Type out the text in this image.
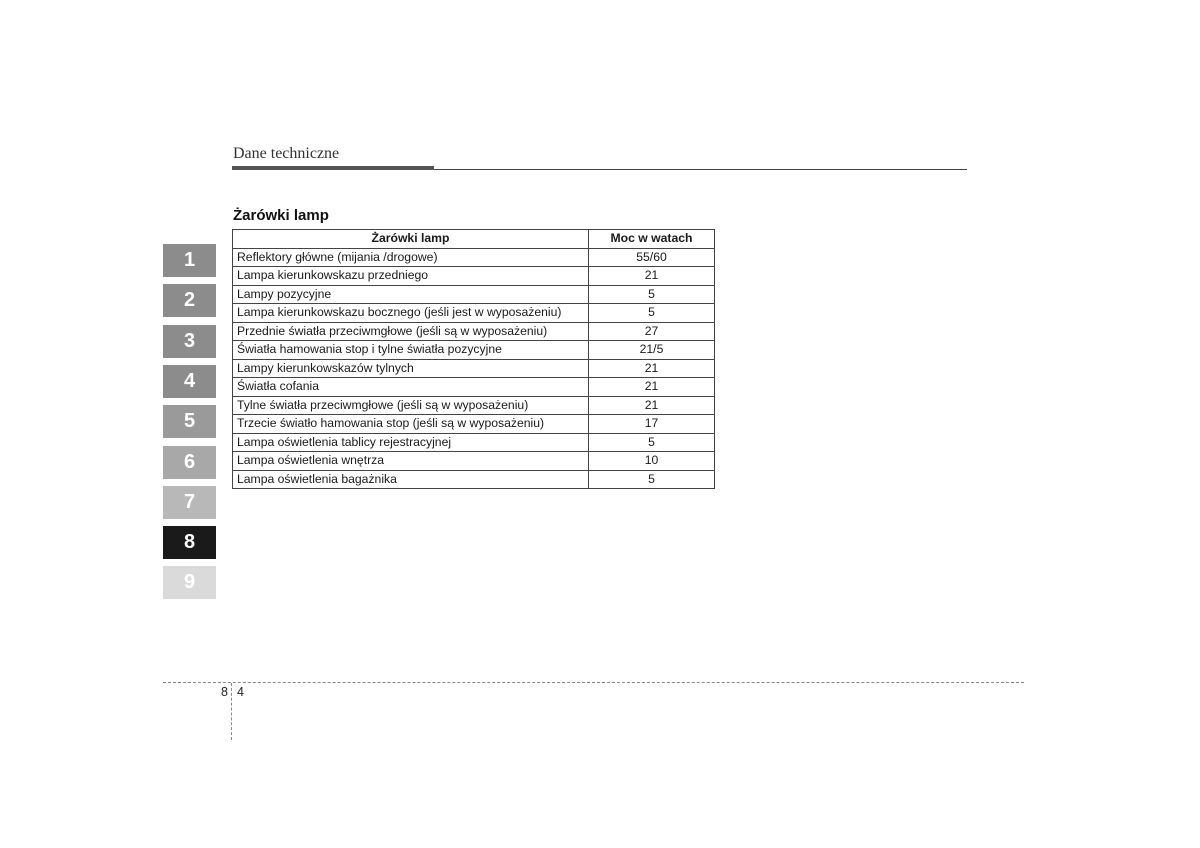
Dane techniczne
Żarówki lamp
Żarówki lamp	Moc w watach
Reflektory główne (mijania /drogowe)	55/60
Lampa kierunkowskazu przedniego	21
Lampy pozycyjne	5
Lampa kierunkowskazu bocznego (jeśli jest w wyposażeniu)	5
Przednie światła przeciwmgłowe (jeśli są w wyposażeniu)	27
Światła hamowania stop i tylne światła pozycyjne	21/5
Lampy kierunkowskazów tylnych	21
Światła cofania	21
Tylne światła przeciwmgłowe (jeśli są w wyposażeniu)	21
Trzecie światło hamowania stop (jeśli są w wyposażeniu)	17
Lampa oświetlenia tablicy rejestracyjnej	5
Lampa oświetlenia wnętrza	10
Lampa oświetlenia bagażnika	5
1
2
3
4
5
6
7
8
9
8 4
